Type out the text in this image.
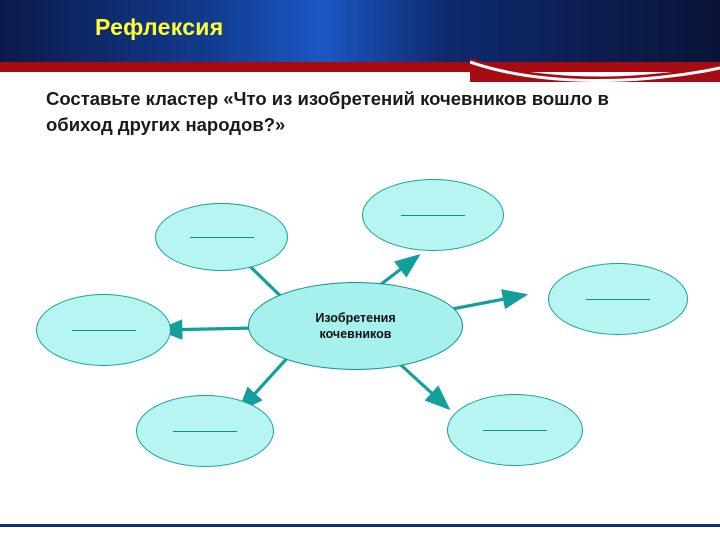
Рефлексия
Составьте кластер «Что из изобретений кочевников вошло в обиход других народов?»
Изобретения
кочевников
